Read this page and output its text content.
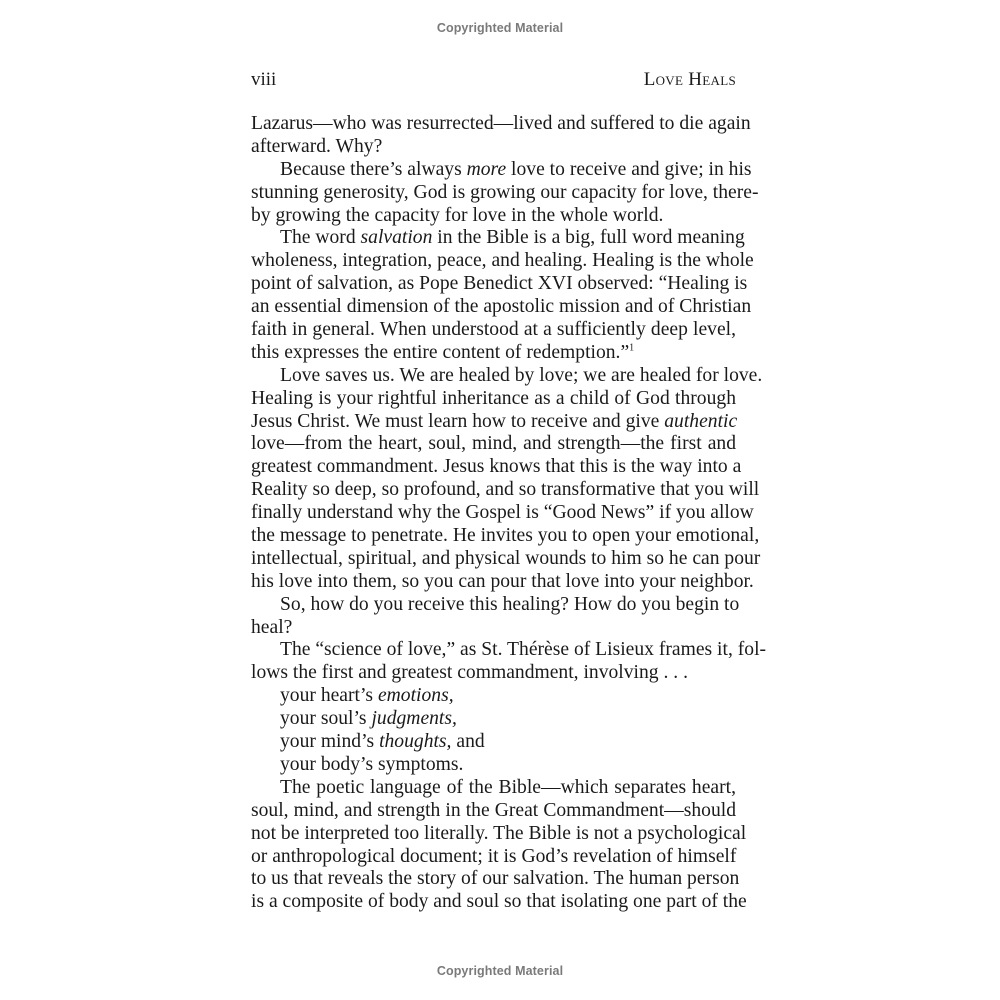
Copyrighted Material
viii	Love Heals
Lazarus—who was resurrected—lived and suffered to die again
afterward. Why?
Because there’s always more love to receive and give; in his
stunning generosity, God is growing our capacity for love, there-
by growing the capacity for love in the whole world.
The word salvation in the Bible is a big, full word meaning
wholeness, integration, peace, and healing. Healing is the whole
point of salvation, as Pope Benedict XVI observed: “Healing is
an essential dimension of the apostolic mission and of Christian
faith in general. When understood at a sufficiently deep level,
this expresses the entire content of redemption.”$^1$
Love saves us. We are healed by love; we are healed for love.
Healing is your rightful inheritance as a child of God through
Jesus Christ. We must learn how to receive and give authentic
love—from the heart, soul, mind, and strength—the first and
greatest commandment. Jesus knows that this is the way into a
Reality so deep, so profound, and so transformative that you will
finally understand why the Gospel is “Good News” if you allow
the message to penetrate. He invites you to open your emotional,
intellectual, spiritual, and physical wounds to him so he can pour
his love into them, so you can pour that love into your neighbor.
So, how do you receive this healing? How do you begin to
heal?
The “science of love,” as St. Thérèse of Lisieux frames it, fol-
lows the first and greatest commandment, involving . . .
your heart’s emotions,
your soul’s judgments,
your mind’s thoughts, and
your body’s symptoms.
The poetic language of the Bible—which separates heart,
soul, mind, and strength in the Great Commandment—should
not be interpreted too literally. The Bible is not a psychological
or anthropological document; it is God’s revelation of himself
to us that reveals the story of our salvation. The human person
is a composite of body and soul so that isolating one part of the
Copyrighted Material
